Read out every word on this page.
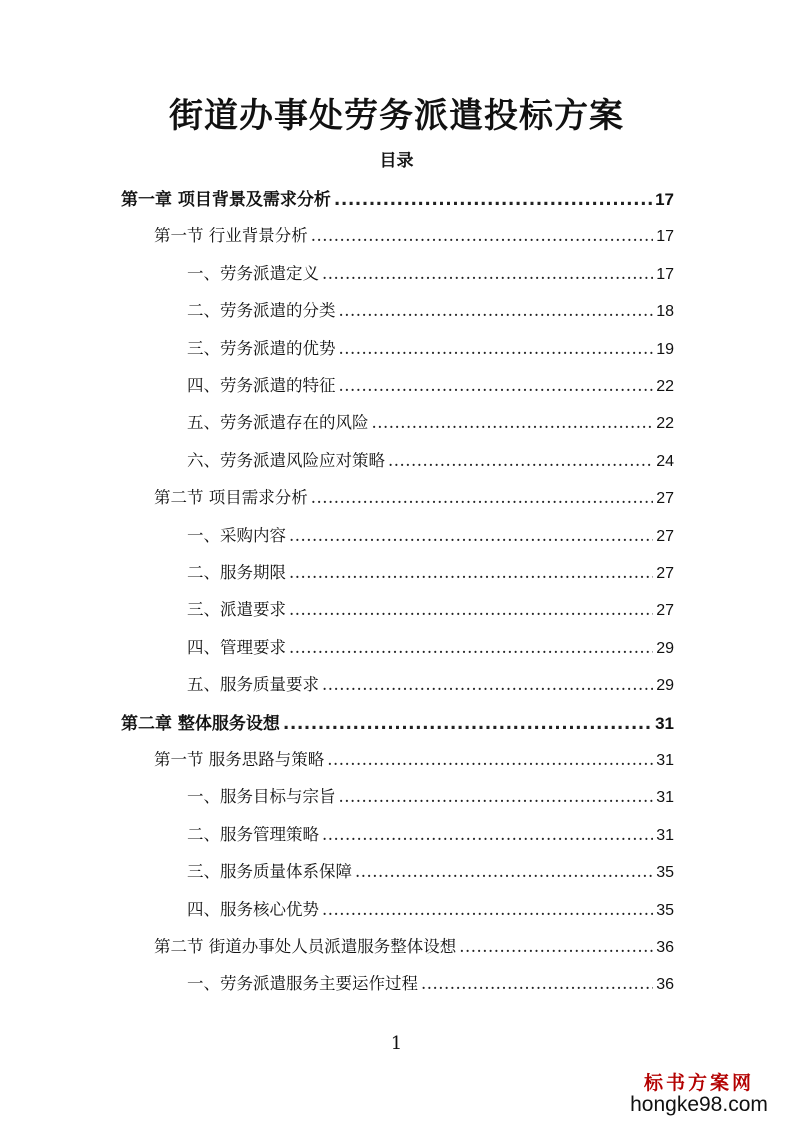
街道办事处劳务派遣投标方案
目录
第一章 项目背景及需求分析 .....	17
第一节 行业背景分析 .....	17
一、劳务派遣定义 .....	17
二、劳务派遣的分类 .....	18
三、劳务派遣的优势 .....	19
四、劳务派遣的特征 .....	22
五、劳务派遣存在的风险 .....	22
六、劳务派遣风险应对策略 .....	24
第二节 项目需求分析 .....	27
一、采购内容 .....	27
二、服务期限 .....	27
三、派遣要求 .....	27
四、管理要求 .....	29
五、服务质量要求 .....	29
第二章 整体服务设想 .....	31
第一节 服务思路与策略 .....	31
一、服务目标与宗旨 .....	31
二、服务管理策略 .....	31
三、服务质量体系保障 .....	35
四、服务核心优势 .....	35
第二节 街道办事处人员派遣服务整体设想 .....	36
一、劳务派遣服务主要运作过程 .....	36
1
标书方案网
hongke98.com
